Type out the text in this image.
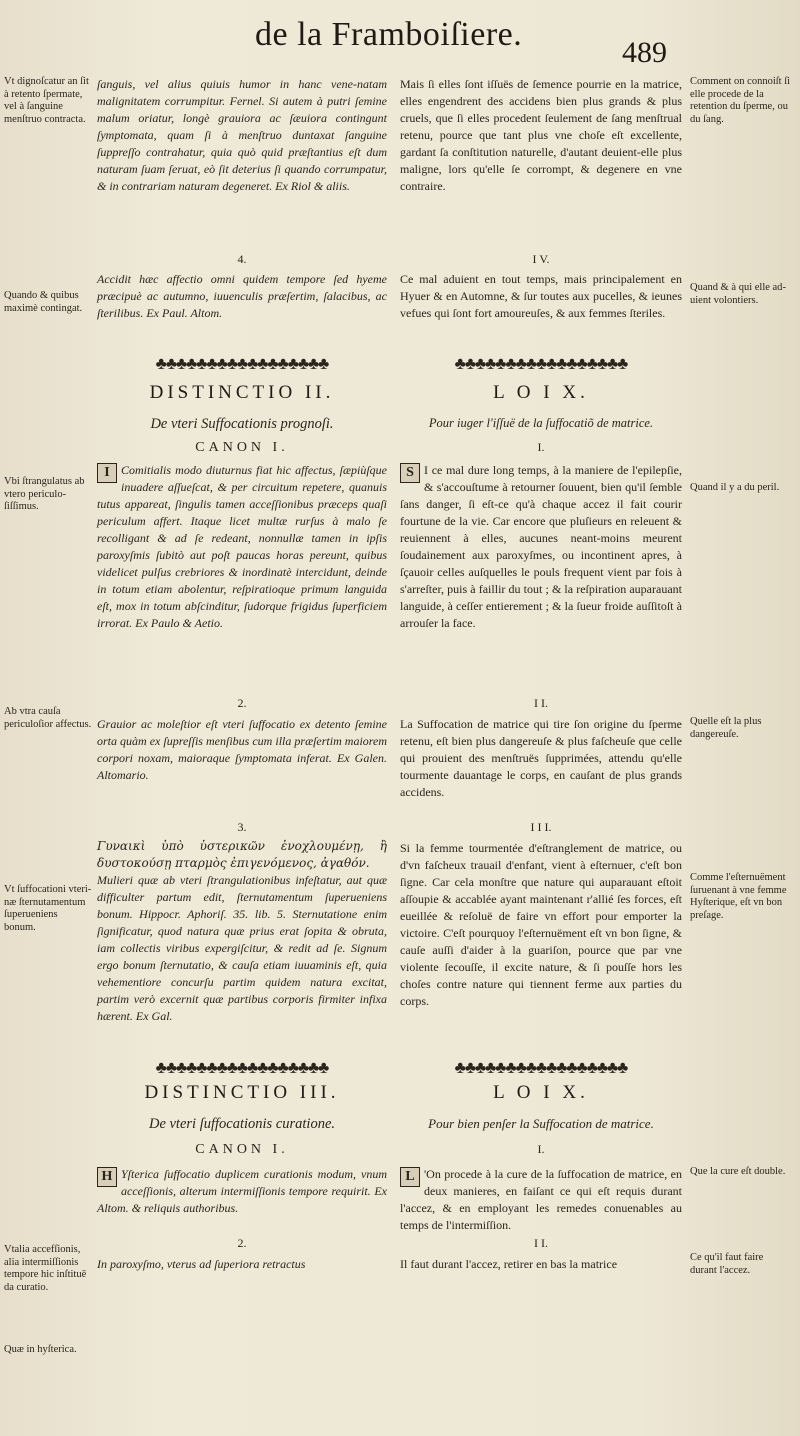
de la Framboiſiere.	489
Vt dignoſcatur an ſit à retento ſpermate, vel à ſanguine menſtruo contracta.
Quando & quibus maximè contingat.
Vbi ſtrangulatus ab vtero periculoſiſſimus.
Ab vtra cauſa periculoſior affectus.
Vt ſuffocationi vterinæ ſternutamentum ſuperueniens bonum.
Vtalia accefſionis, alia intermiſſionis tempore hic inſtituē da curatio.
Quæ in hyſterica.
ſanguis, vel alius quiuis humor in hanc vene‑natam malignitatem corrumpitur. Fernel. Si autem à putri ſemine malum oriatur, longè grauiora ac ſæuiora contingunt ſymptomata, quam ſi à menſtruo duntaxat ſanguine ſuppreſſo contrahatur, quia quò quid præſtantius eſt dum naturam ſuam ſeruat, eò ſit deterius ſi quando corrumpatur, & in contrariam naturam degeneret. Ex Riol & aliis.
4.
Accidit hæc affectio omni quidem tempore ſed hyeme præcipuè ac autumno, iuuenculis præſertim, ſalacibus, ac ſterilibus. Ex Paul. Altom.
♣♣♣♣♣♣♣♣♣♣♣♣♣♣♣♣♣
DISTINCTIO II.
De vteri Suffocationis prognoſi.
CANON I.
I Comitialis modo diuturnus fiat hic affectus, ſæpiùſque inuadere aſſueſcat, & per circuitum repetere, quanuis tutus appareat, ſingulis tamen acceſſionibus præceps quaſi periculum affert. Itaque licet multæ rurſus à malo ſe recolligant & ad ſe redeant, nonnullæ tamen in ipſis paroxyſmis ſubitò aut poſt paucas horas pereunt, quibus videlicet pulſus crebriores & inordinatè intercidunt, deinde in totum etiam abolentur, reſpiratioque primum languida eſt, mox in totum abſcinditur, ſudorque frigidus ſuperficiem irrorat. Ex Paulo & Aetio.
2.
Grauior ac moleſtior eſt vteri ſuffocatio ex detento ſemine orta quàm ex ſupreſſis menſibus cum illa præſertim maiorem corpori noxam, maioraque ſymptomata inferat. Ex Galen. Altomario.
3.
Γυναικὶ ὑπὸ ὑστερικῶν ἐνοχλουμένῃ, ἢ δυστοκούσῃ πταρμὸς ἐπιγενόμενος, ἀγαθόν.
Mulieri quæ ab vteri ſtrangulationibus infeſtatur, aut quæ difficulter partum edit, ſternutamentum ſuperueniens bonum. Hippocr. Aphoriſ. 35. lib. 5. Sternutatione enim ſignificatur, quod natura quæ prius erat ſopita & obruta, iam collectis viribus expergiſcitur, & redit ad ſe. Signum ergo bonum ſternutatio, & cauſa etiam iuuaminis eſt, quia vehementiore concurſu partim quidem natura excitat, partim verò excernit quæ partibus corporis firmiter infixa hærent. Ex Gal.
♣♣♣♣♣♣♣♣♣♣♣♣♣♣♣♣♣
DISTINCTIO III.
De vteri ſuffocationis curatione.
CANON I.
H Yſterica ſuffocatio duplicem curationis modum, vnum acceſſionis, alterum intermiſſionis tempore requirit. Ex Altom. & reliquis authoribus.
2.
In paroxyſmo, vterus ad ſuperiora retractus
Mais ſi elles ſont iſſuës de ſemence pourrie en la matrice, elles engendrent des accidens bien plus grands & plus cruels, que ſi elles procedent ſeulement de ſang menſtrual retenu, pource que tant plus vne choſe eſt excellente, gardant ſa conſtitution naturelle, d'autant deuient-elle plus maligne, lors qu'elle ſe corrompt, & degenere en vne contraire.
I V.
Ce mal aduient en tout temps, mais principalement en Hyuer & en Automne, & ſur toutes aux pucelles, & ieunes vefues qui ſont fort amoureuſes, & aux femmes ſteriles.
♣♣♣♣♣♣♣♣♣♣♣♣♣♣♣♣♣
L O I X.
Pour iuger l'iſſuë de la ſuffocatiõ de matrice.
I.
S I ce mal dure long temps, à la maniere de l'epilepſie, & s'accouſtume à retourner ſouuent, bien qu'il ſemble ſans danger, ſi eſt-ce qu'à chaque accez il fait courir fourtune de la vie. Car encore que pluſieurs en releuent & reuiennent à elles, aucunes neant-moins meurent ſoudainement aux paroxyſmes, ou incontinent apres, à ſçauoir celles auſquelles le pouls frequent vient par fois à s'arreſter, puis à faillir du tout ; & la reſpiration auparauant languide, à ceſſer entierement ; & la ſueur froide auſſitoſt à arrouſer la face.
I I.
La Suffocation de matrice qui tire ſon origine du ſperme retenu, eſt bien plus dangereuſe & plus faſcheuſe que celle qui prouient des menſtruës ſupprimées, attendu qu'elle tourmente dauantage le corps, en cauſant de plus grands accidens.
I I I.
Si la femme tourmentée d'eſtranglement de matrice, ou d'vn faſcheux trauail d'enfant, vient à eſternuer, c'eſt bon ſigne. Car cela monſtre que nature qui auparauant eſtoit aſſoupie & accablée ayant maintenant r'allié ſes forces, eſt eueillée & reſoluë de faire vn effort pour emporter la victoire. C'eſt pourquoy l'eſternuëment eſt vn bon ſigne, & cauſe auſſi d'aider à la guariſon, pource que par vne violente ſecouſſe, il excite nature, & ſi pouſſe hors les choſes contre nature qui tiennent ferme aux parties du corps.
♣♣♣♣♣♣♣♣♣♣♣♣♣♣♣♣♣
L O I X.
Pour bien penſer la Suffocation de matrice.
I.
L 'On procede à la cure de la ſuffocation de matrice, en deux manieres, en faiſant ce qui eſt requis durant l'accez, & en employant les remedes conuenables au temps de l'intermiſſion.
I I.
Il faut durant l'accez, retirer en bas la matrice
Comment on connoiſt ſi elle procede de la retention du ſperme, ou du ſang.
Quand & à qui elle aduient volontiers.
Quand il y a du peril.
Quelle eſt la plus dangereuſe.
Comme l'eſternuëment ſuruenant à vne femme Hyſterique, eſt vn bon preſage.
Que la cure eſt double.
Ce qu'il faut faire durant l'accez.
